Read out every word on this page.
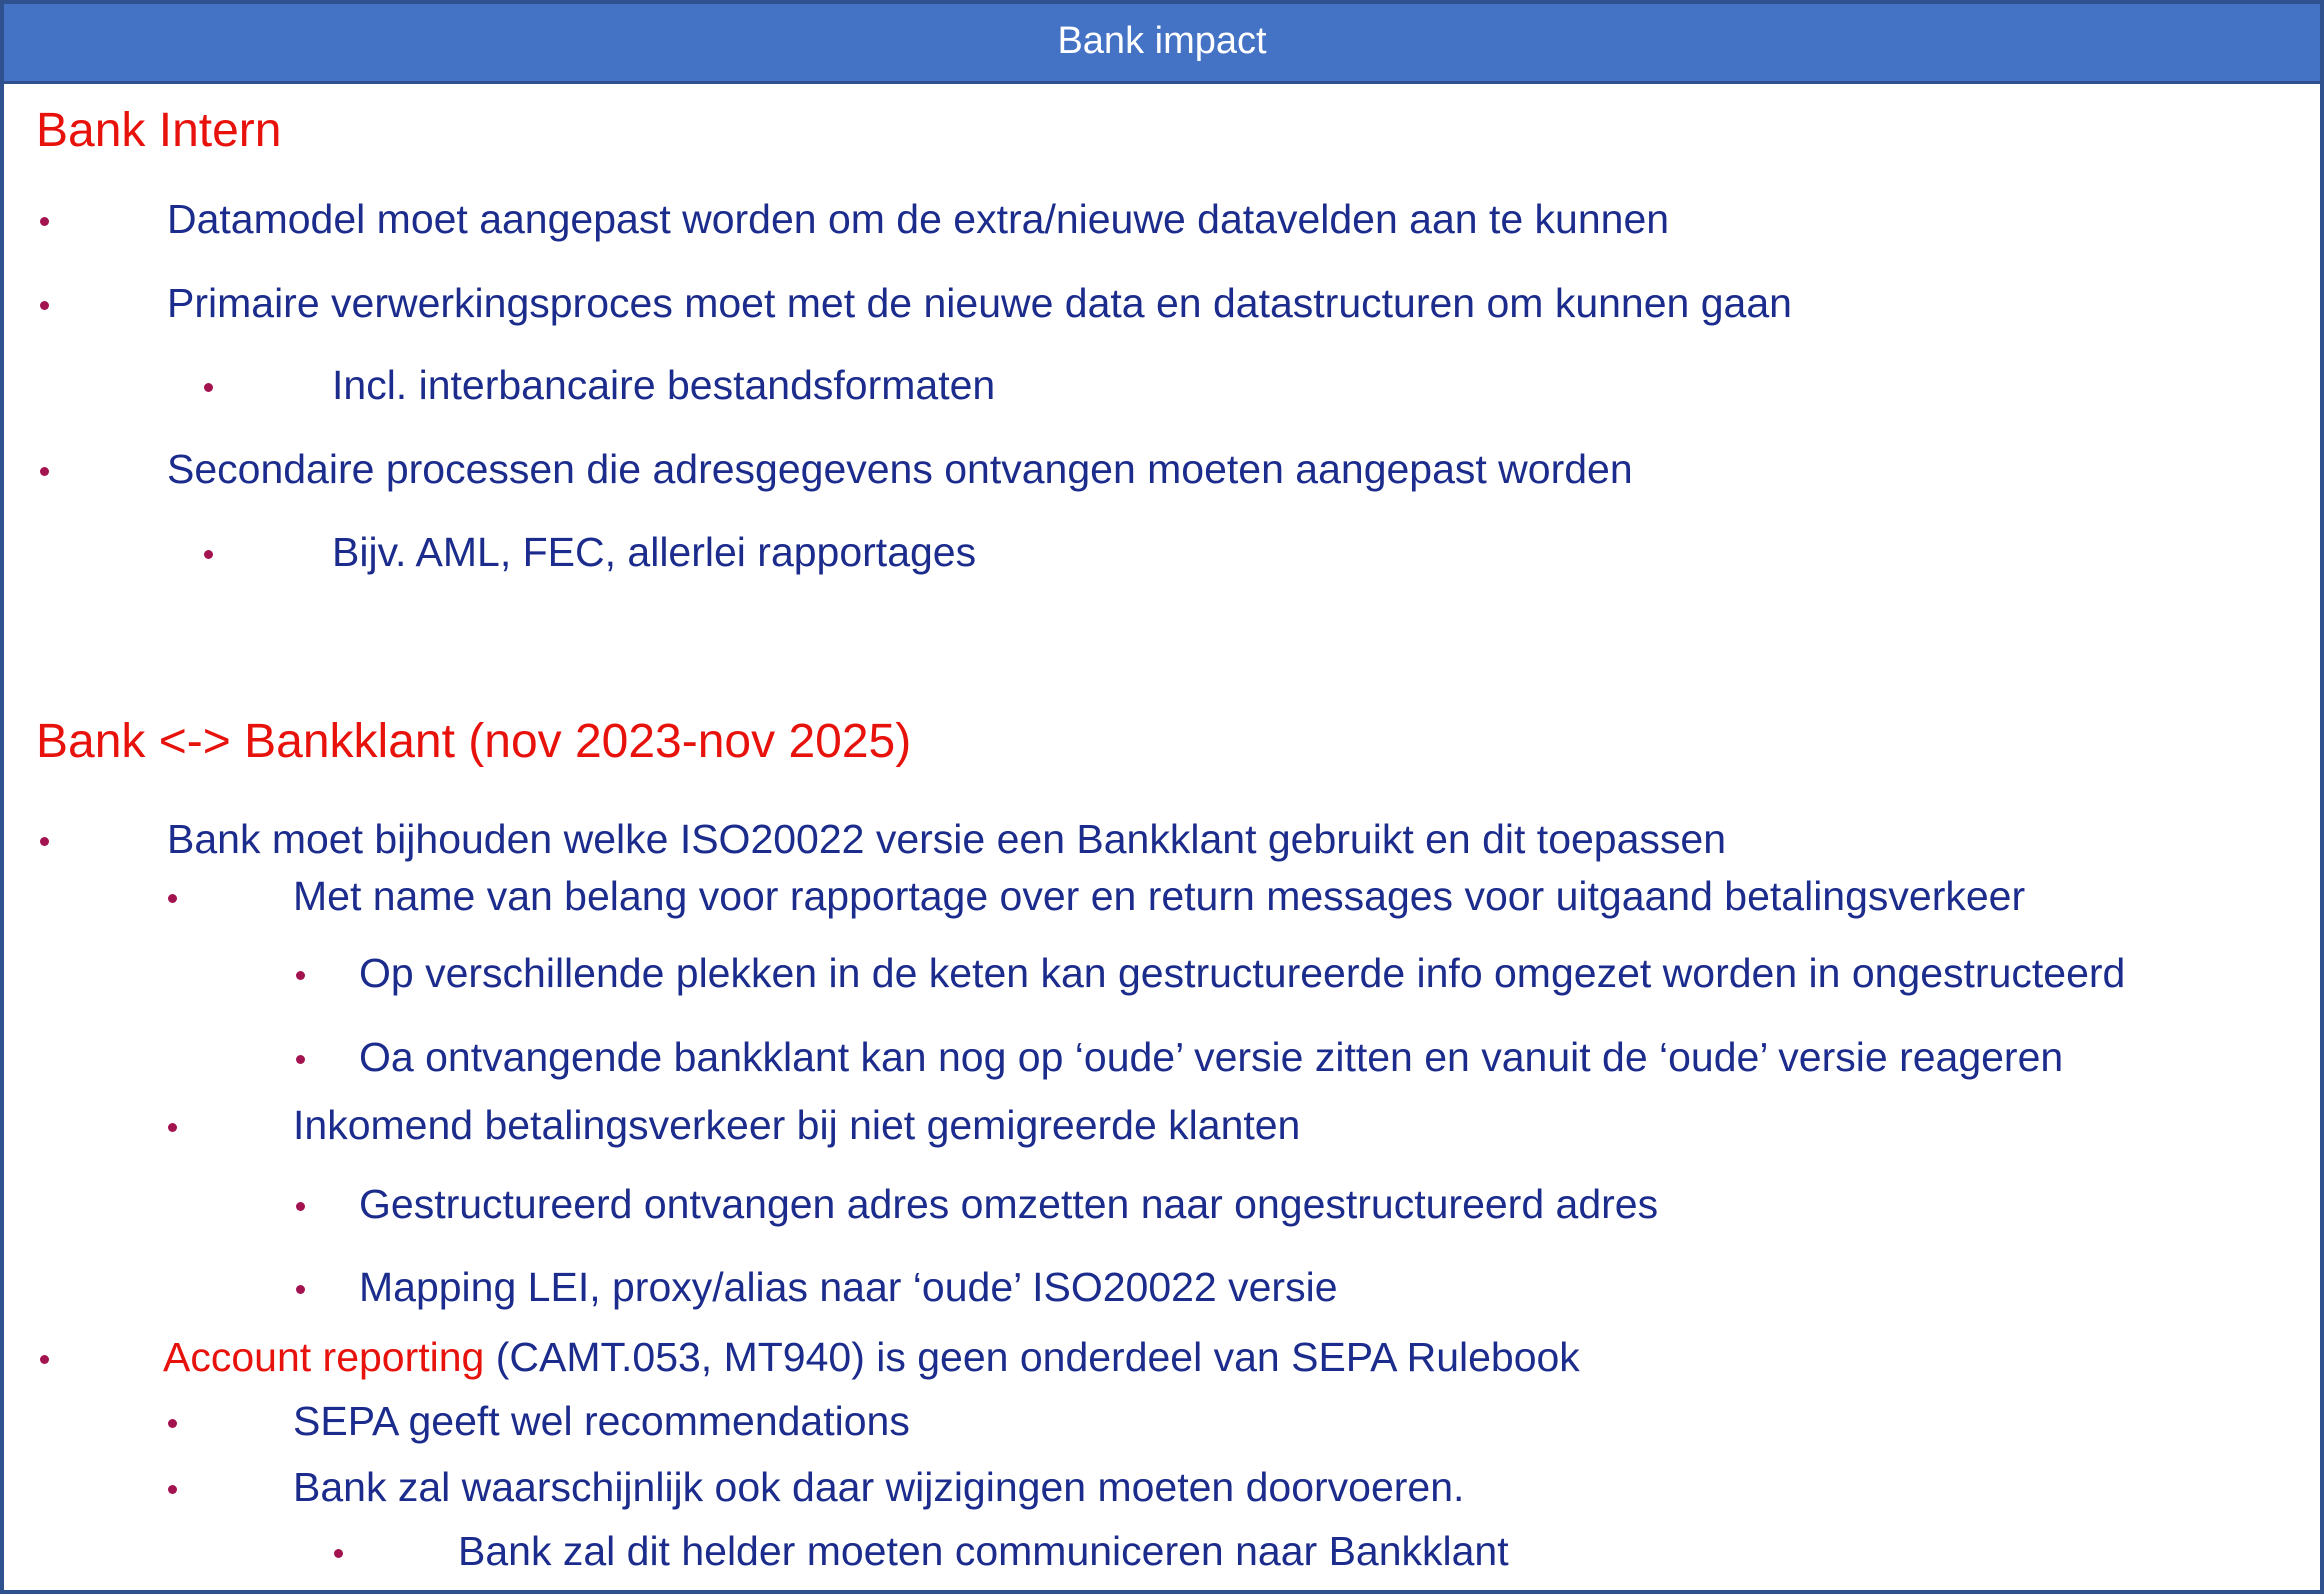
Bank impact
Bank Intern
Datamodel moet aangepast worden om de extra/nieuwe datavelden aan te kunnen
Primaire verwerkingsproces moet met de nieuwe data en datastructuren om kunnen gaan
Incl. interbancaire bestandsformaten
Secondaire processen die adresgegevens ontvangen moeten aangepast worden
Bijv. AML, FEC, allerlei rapportages
Bank <-> Bankklant (nov 2023-nov 2025)
Bank moet bijhouden welke ISO20022 versie een Bankklant gebruikt en dit toepassen
Met name van belang voor rapportage over en return messages voor uitgaand betalingsverkeer
Op verschillende plekken in de keten kan gestructureerde info omgezet worden in ongestructeerd
Oa ontvangende bankklant kan nog op ‘oude’ versie zitten en vanuit de ‘oude’ versie reageren
Inkomend betalingsverkeer bij niet gemigreerde klanten
Gestructureerd ontvangen adres omzetten naar ongestructureerd adres
Mapping LEI, proxy/alias naar ‘oude’ ISO20022 versie
Account reporting (CAMT.053, MT940) is geen onderdeel van SEPA Rulebook
SEPA geeft wel recommendations
Bank zal waarschijnlijk ook daar wijzigingen moeten doorvoeren.
Bank zal dit helder moeten communiceren naar Bankklant
